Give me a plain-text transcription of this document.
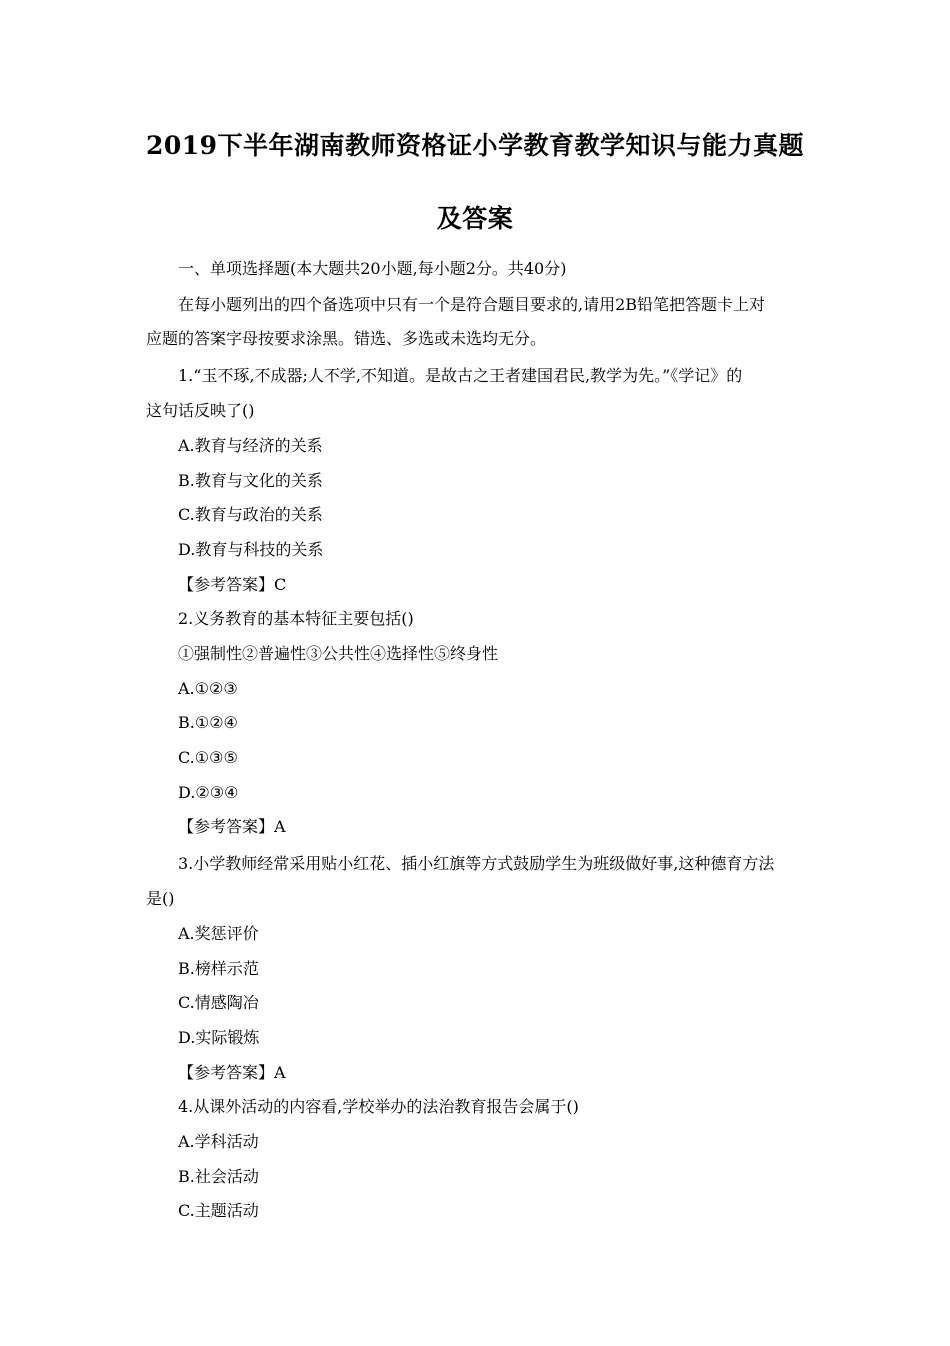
2019下半年湖南教师资格证小学教育教学知识与能力真题
及答案
一、单项选择题(本大题共20小题,每小题2分。共40分)
在每小题列出的四个备选项中只有一个是符合题目要求的,请用2B铅笔把答题卡上对
应题的答案字母按要求涂黑。错选、多选或未选均无分。
1.“玉不琢,不成器;人不学,不知道。是故古之王者建国君民,教学为先。”《学记》的
这句话反映了()
A.教育与经济的关系
B.教育与文化的关系
C.教育与政治的关系
D.教育与科技的关系
【参考答案】C
2.义务教育的基本特征主要包括()
①强制性②普遍性③公共性④选择性⑤终身性
A.①②③
B.①②④
C.①③⑤
D.②③④
【参考答案】A
3.小学教师经常采用贴小红花、插小红旗等方式鼓励学生为班级做好事,这种德育方法
是()
A.奖惩评价
B.榜样示范
C.情感陶冶
D.实际锻炼
【参考答案】A
4.从课外活动的内容看,学校举办的法治教育报告会属于()
A.学科活动
B.社会活动
C.主题活动
